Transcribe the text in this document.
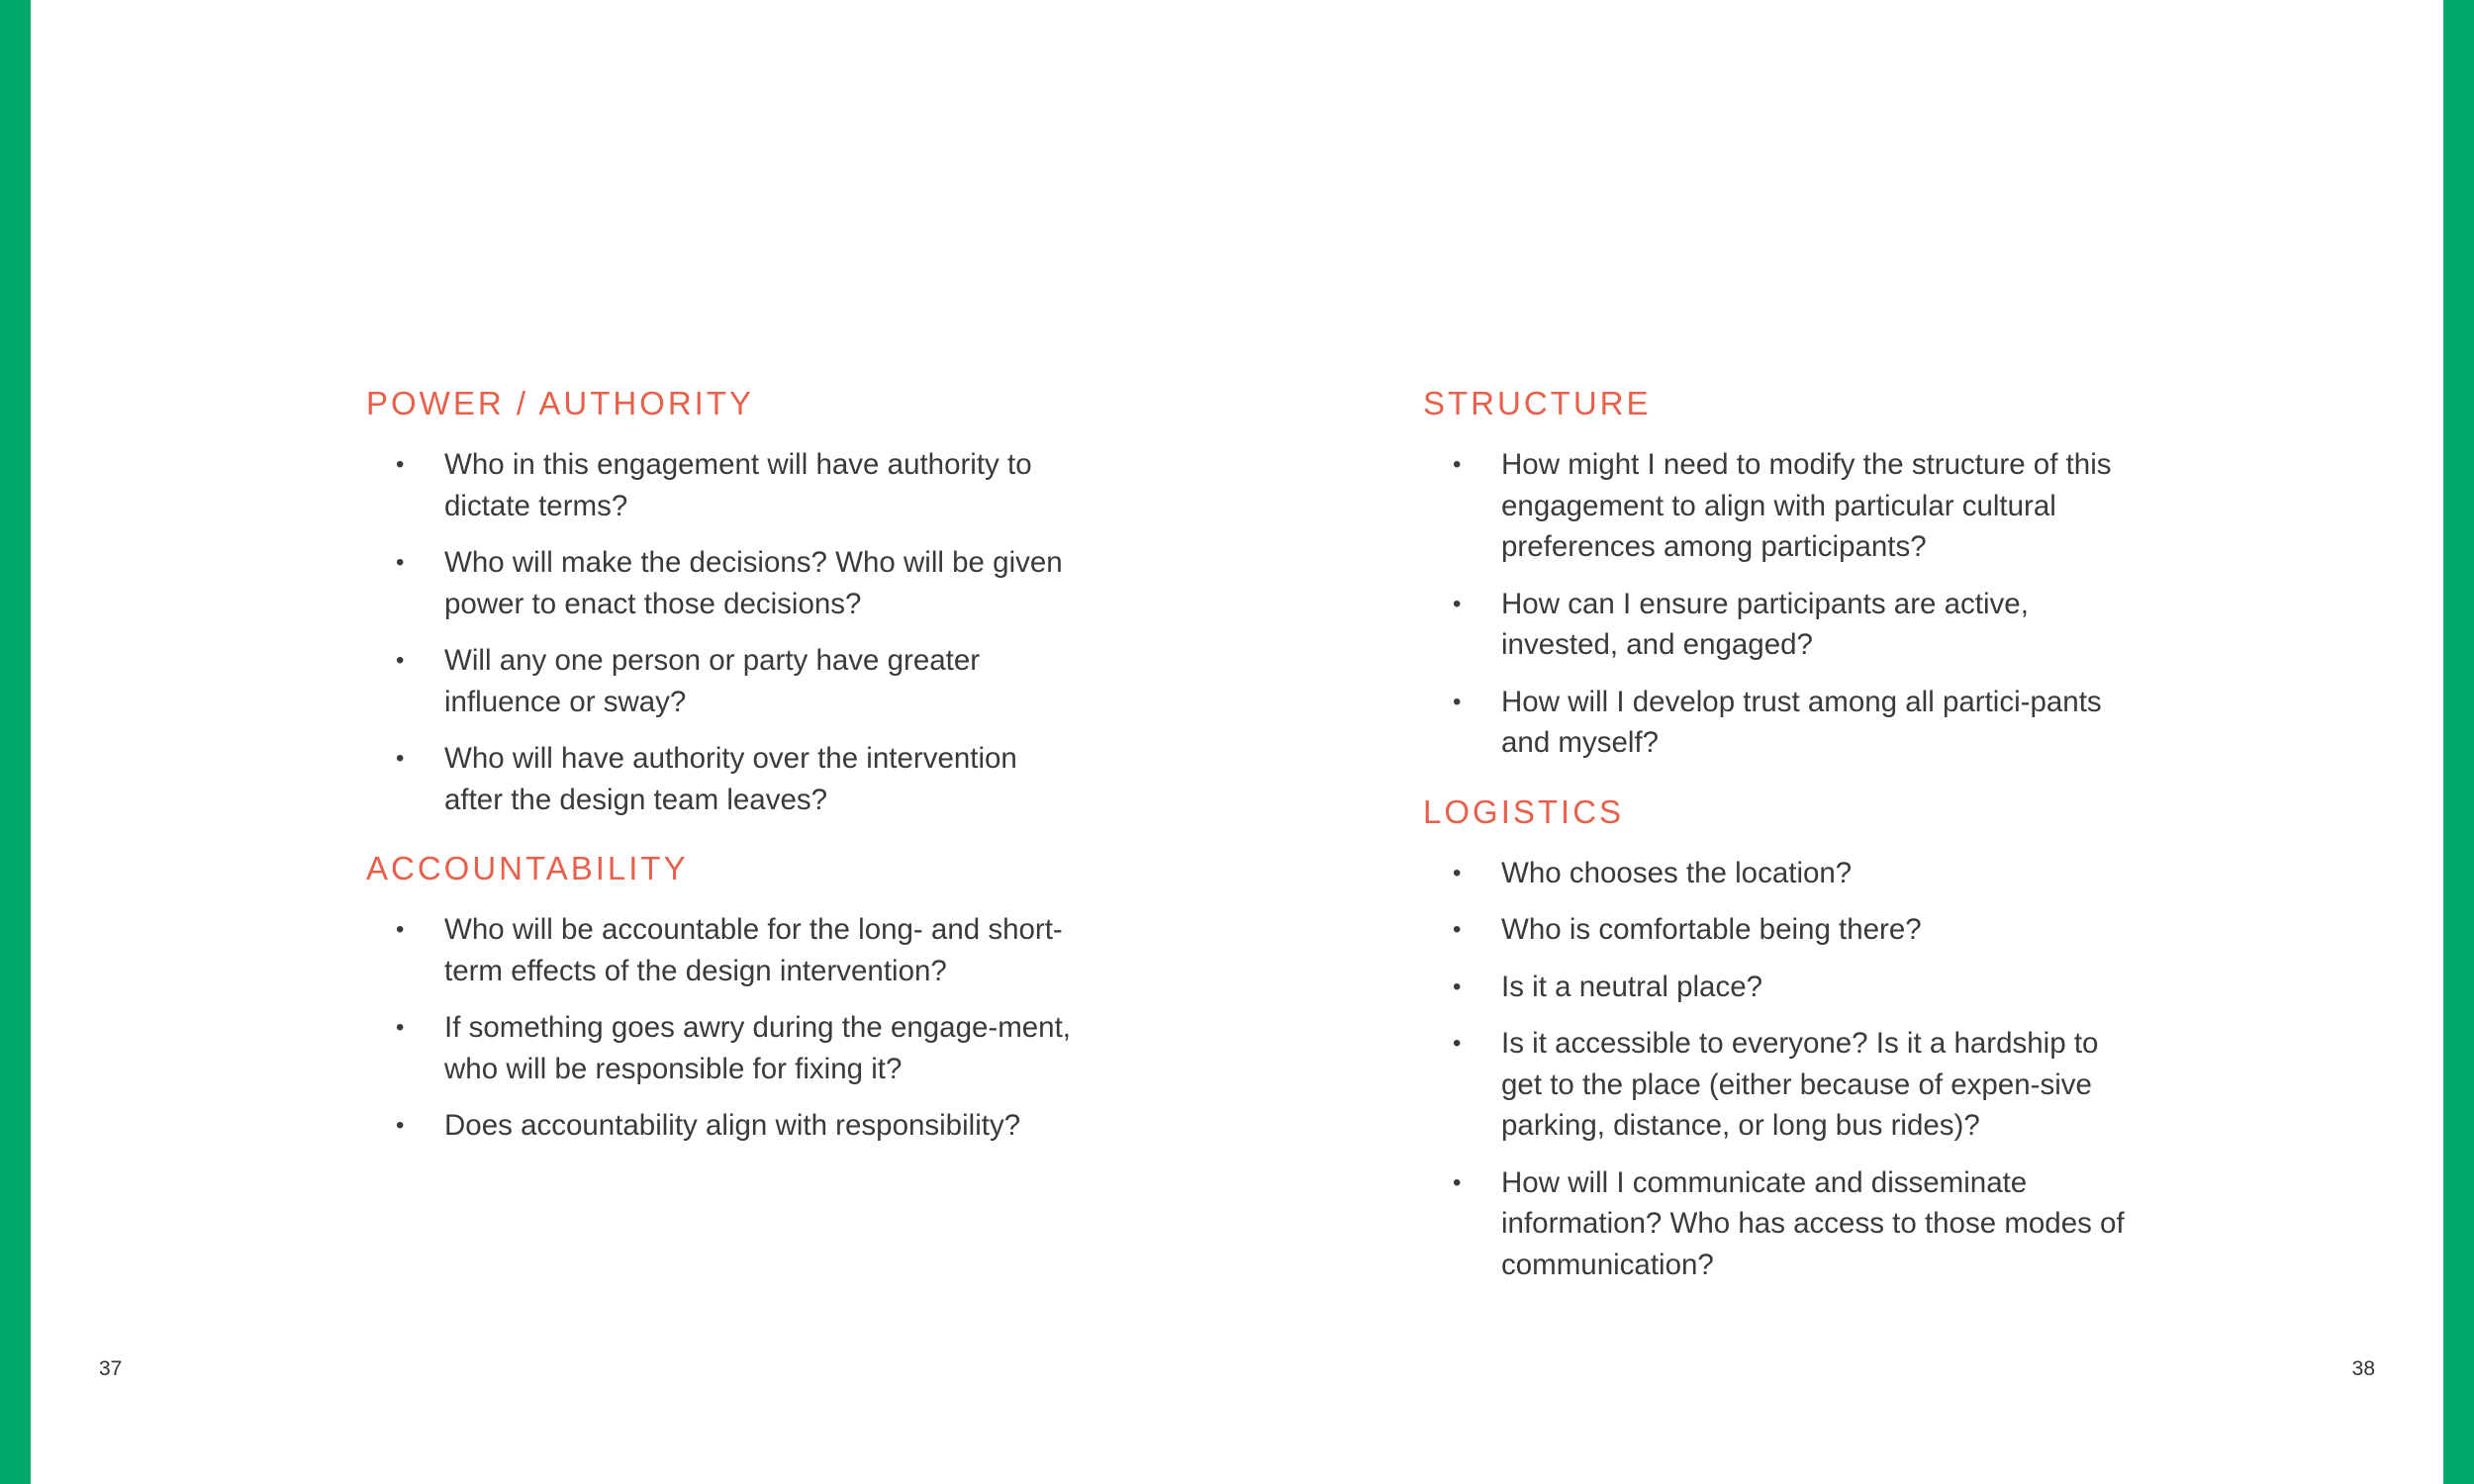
POWER / AUTHORITY
• Who in this engagement will have authority to dictate terms?
• Who will make the decisions? Who will be given power to enact those decisions?
• Will any one person or party have greater influence or sway?
• Who will have authority over the intervention after the design team leaves?
ACCOUNTABILITY
• Who will be accountable for the long- and short-term effects of the design intervention?
• If something goes awry during the engage-ment, who will be responsible for fixing it?
• Does accountability align with responsibility?
STRUCTURE
• How might I need to modify the structure of this engagement to align with particular cultural preferences among participants?
• How can I ensure participants are active, invested, and engaged?
• How will I develop trust among all partici-pants and myself?
LOGISTICS
• Who chooses the location?
• Who is comfortable being there?
• Is it a neutral place?
• Is it accessible to everyone? Is it a hardship to get to the place (either because of expen-sive parking, distance, or long bus rides)?
• How will I communicate and disseminate information? Who has access to those modes of communication?
37	38
